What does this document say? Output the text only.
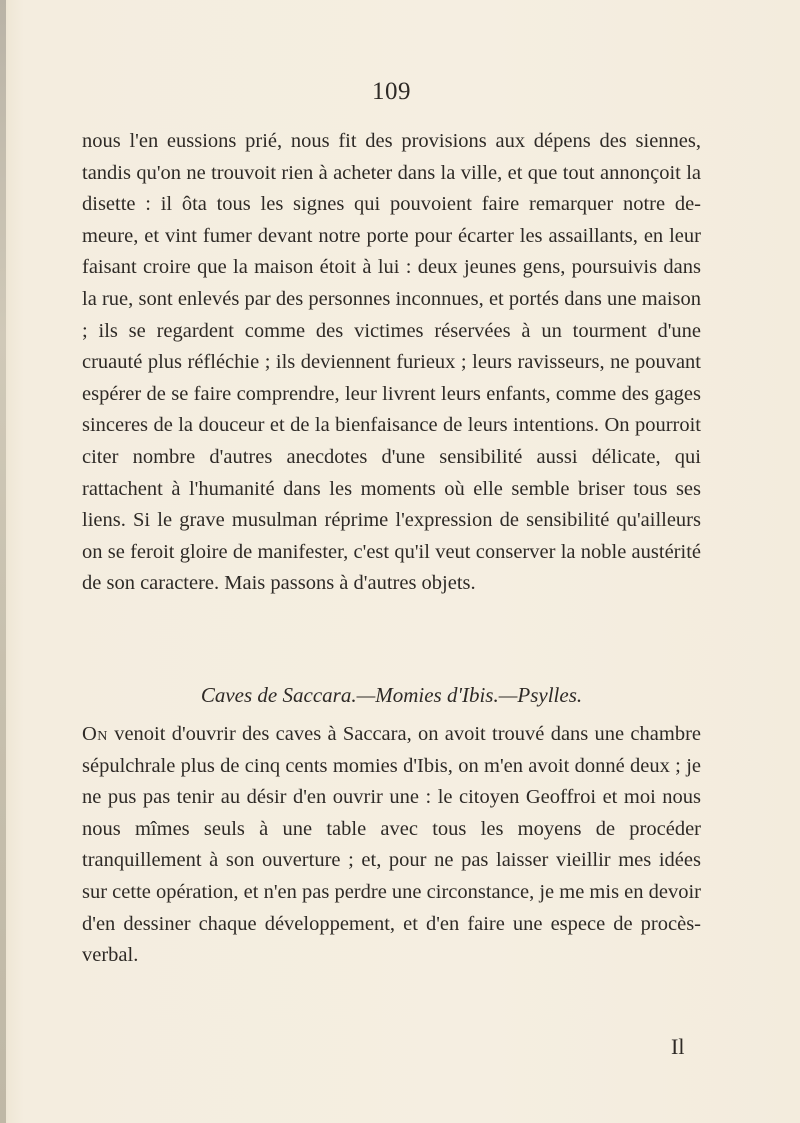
109
nous l'en eussions prié, nous fit des provisions aux dépens des siennes, tandis qu'on ne trouvoit rien à acheter dans la ville, et que tout annonçoit la disette : il ôta tous les signes qui pouvoient faire remarquer notre de- meure, et vint fumer devant notre porte pour écarter les assaillants, en leur faisant croire que la maison étoit à lui : deux jeunes gens, poursuivis dans la rue, sont enlevés par des personnes inconnues, et portés dans une maison ; ils se regardent comme des victimes réservées à un tourment d'une cruauté plus réfléchie ; ils deviennent furieux ; leurs ravisseurs, ne pouvant espérer de se faire comprendre, leur livrent leurs enfants, comme des gages sinceres de la douceur et de la bienfaisance de leurs intentions. On pourroit citer nombre d'autres anecdotes d'une sensibilité aussi délicate, qui rattachent à l'humanité dans les moments où elle semble briser tous ses liens. Si le grave musulman réprime l'expression de sensibilité qu'ailleurs on se feroit gloire de manifester, c'est qu'il veut conserver la noble austérité de son caractere. Mais passons à d'autres objets.
Caves de Saccara.—Momies d'Ibis.—Psylles.
On venoit d'ouvrir des caves à Saccara, on avoit trouvé dans une chambre sépulchrale plus de cinq cents momies d'Ibis, on m'en avoit donné deux ; je ne pus pas tenir au désir d'en ouvrir une : le citoyen Geoffroi et moi nous nous mîmes seuls à une table avec tous les moyens de procéder tranquillement à son ouverture ; et, pour ne pas laisser vieillir mes idées sur cette opération, et n'en pas perdre une circonstance, je me mis en devoir d'en dessiner chaque développement, et d'en faire une espece de procès-verbal.
Il
